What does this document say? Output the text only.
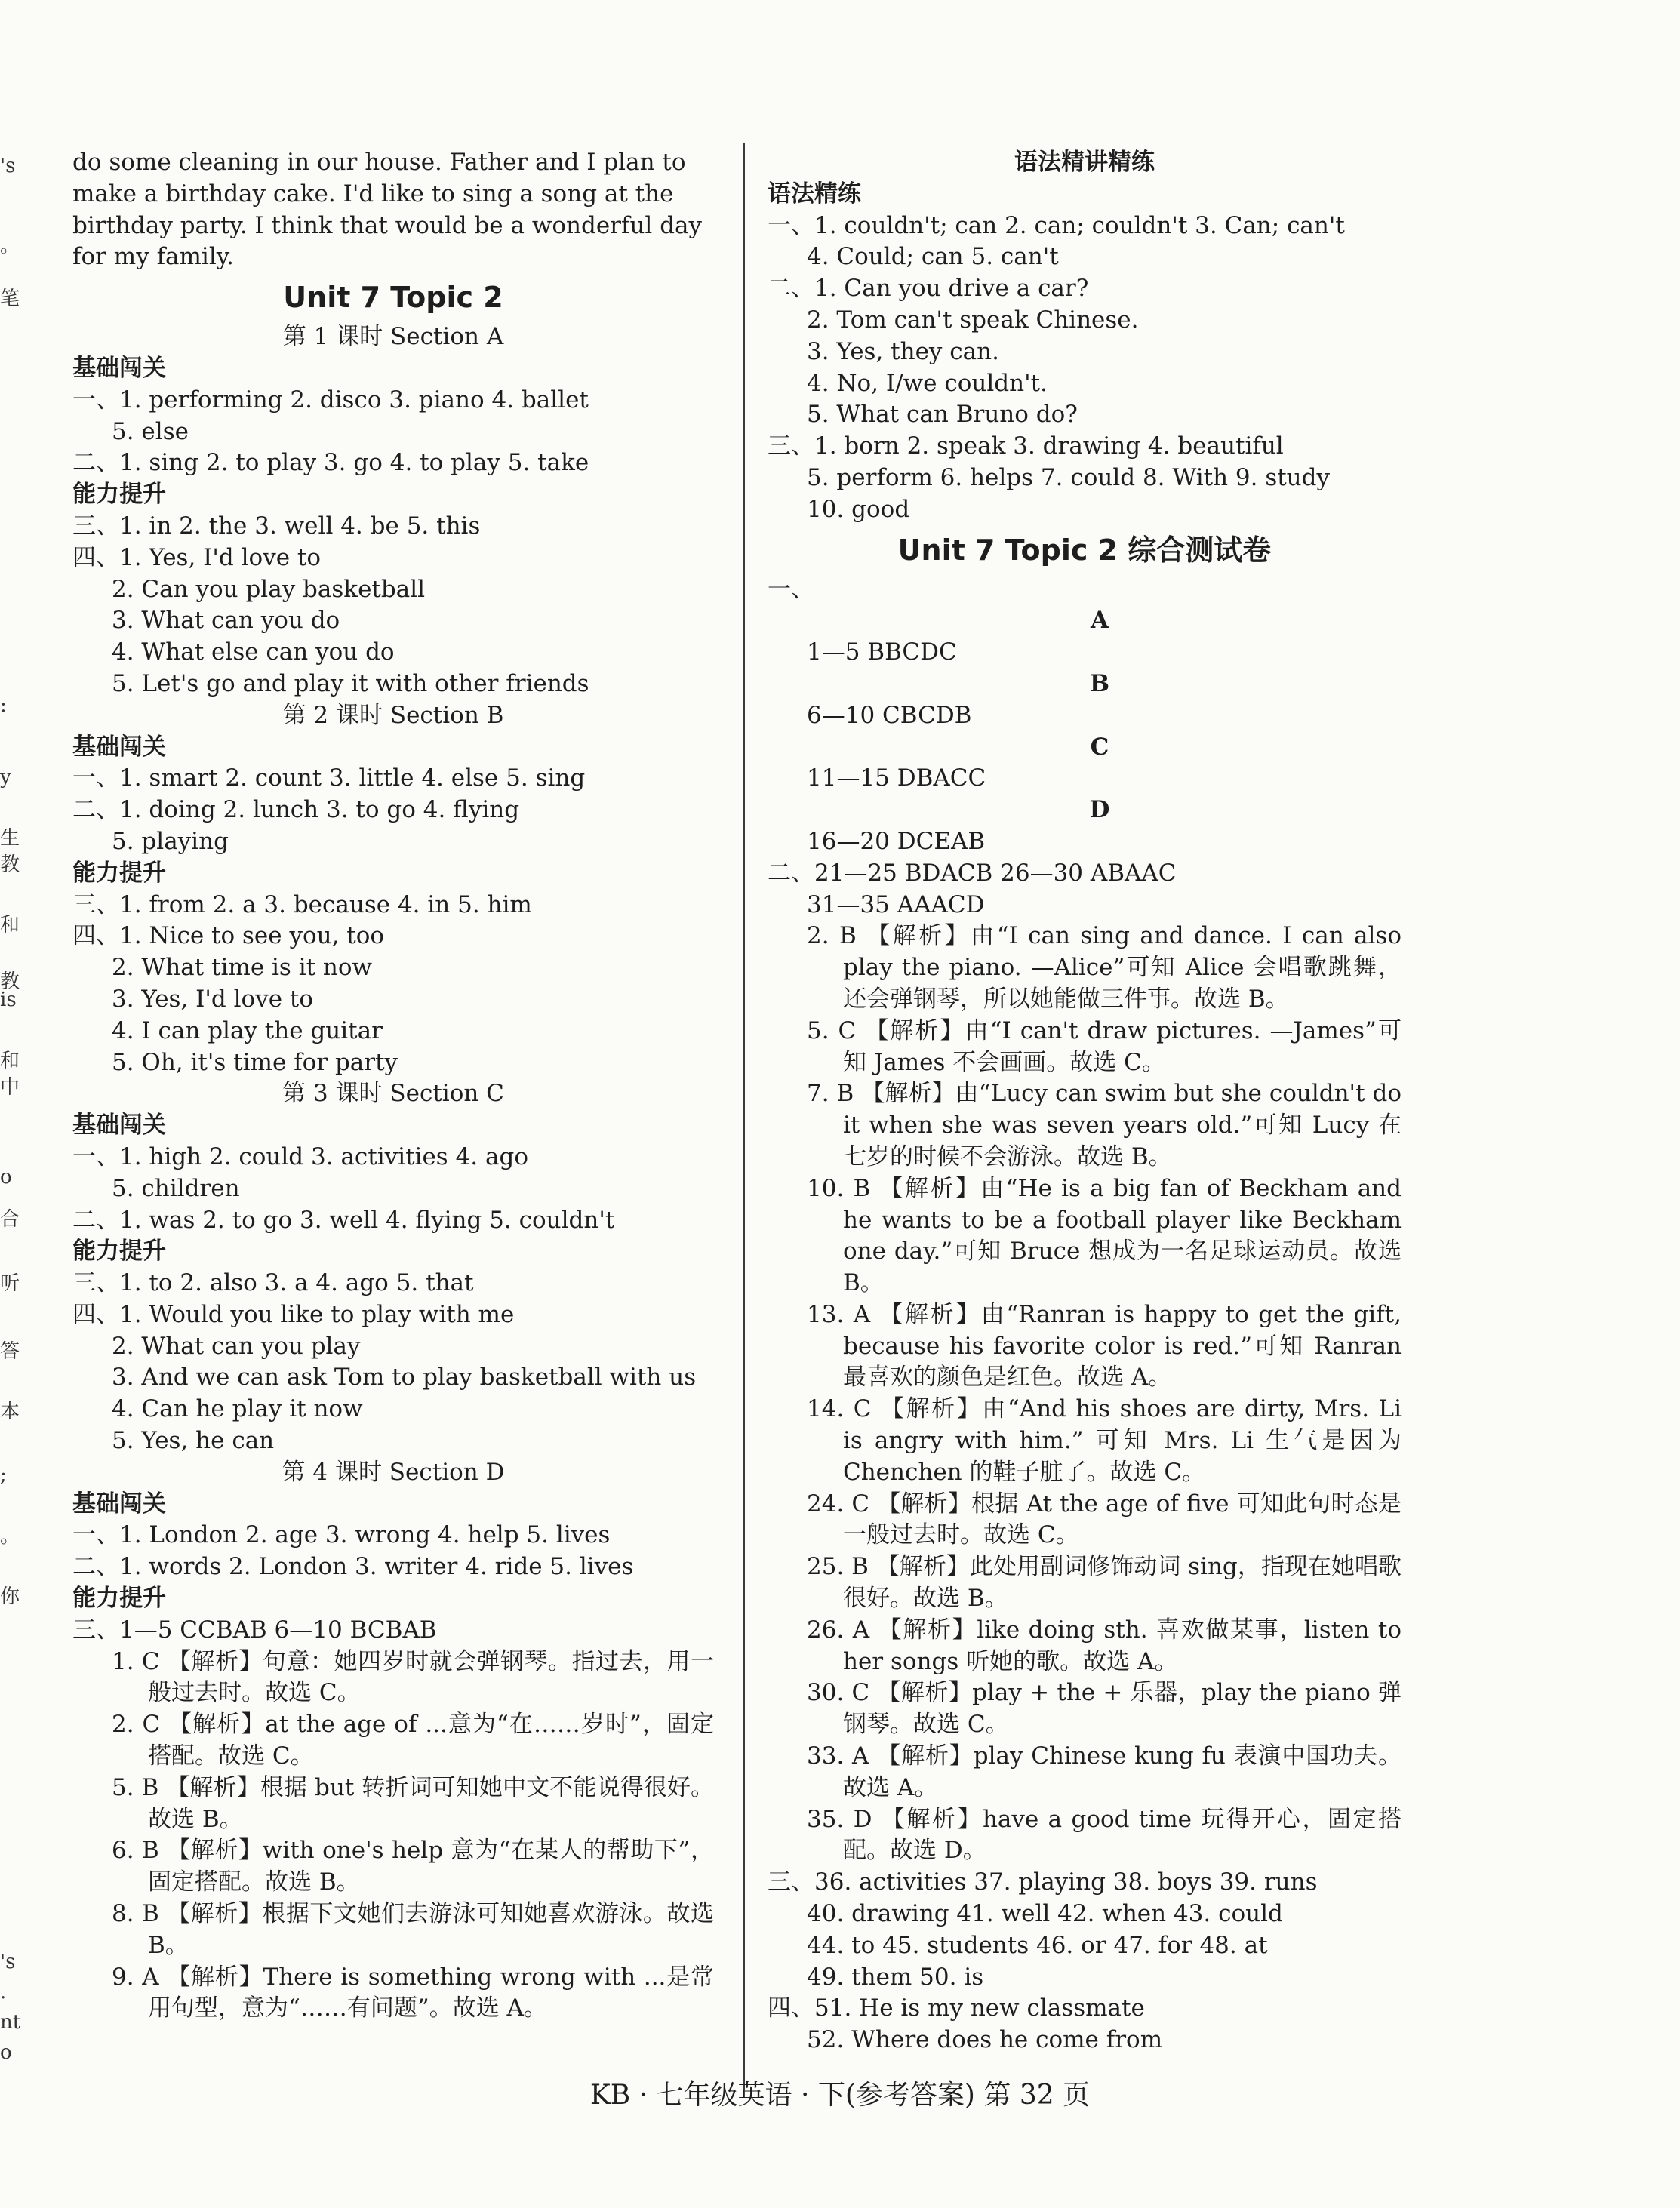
do some cleaning in our house. Father and I plan to
make a birthday cake. I'd like to sing a song at the
birthday party. I think that would be a wonderful day
for my family.
Unit 7 Topic 2
第 1 课时 Section A
基础闯关
一、1. performing 2. disco 3. piano 4. ballet
5. else
二、1. sing 2. to play 3. go 4. to play 5. take
能力提升
三、1. in 2. the 3. well 4. be 5. this
四、1. Yes, I'd love to
2. Can you play basketball
3. What can you do
4. What else can you do
5. Let's go and play it with other friends
第 2 课时 Section B
基础闯关
一、1. smart 2. count 3. little 4. else 5. sing
二、1. doing 2. lunch 3. to go 4. flying
5. playing
能力提升
三、1. from 2. a 3. because 4. in 5. him
四、1. Nice to see you, too
2. What time is it now
3. Yes, I'd love to
4. I can play the guitar
5. Oh, it's time for party
第 3 课时 Section C
基础闯关
一、1. high 2. could 3. activities 4. ago
5. children
二、1. was 2. to go 3. well 4. flying 5. couldn't
能力提升
三、1. to 2. also 3. a 4. ago 5. that
四、1. Would you like to play with me
2. What can you play
3. And we can ask Tom to play basketball with us
4. Can he play it now
5. Yes, he can
第 4 课时 Section D
基础闯关
一、1. London 2. age 3. wrong 4. help 5. lives
二、1. words 2. London 3. writer 4. ride 5. lives
能力提升
三、1—5 CCBAB 6—10 BCBAB
1. C 【解析】句意：她四岁时就会弹钢琴。指过去，用一般过去时。故选 C。
2. C 【解析】at the age of ...意为“在……岁时”，固定搭配。故选 C。
5. B 【解析】根据 but 转折词可知她中文不能说得很好。故选 B。
6. B 【解析】with one's help 意为“在某人的帮助下”，固定搭配。故选 B。
8. B 【解析】根据下文她们去游泳可知她喜欢游泳。故选 B。
9. A 【解析】There is something wrong with ...是常用句型，意为“……有问题”。故选 A。
语法精讲精练
语法精练
一、1. couldn't; can 2. can; couldn't 3. Can; can't
4. Could; can 5. can't
二、1. Can you drive a car?
2. Tom can't speak Chinese.
3. Yes, they can.
4. No, I/we couldn't.
5. What can Bruno do?
三、1. born 2. speak 3. drawing 4. beautiful
5. perform 6. helps 7. could 8. With 9. study
10. good
Unit 7 Topic 2 综合测试卷
一、
A
1—5 BBCDC
B
6—10 CBCDB
C
11—15 DBACC
D
16—20 DCEAB
二、21—25 BDACB 26—30 ABAAC
31—35 AAACD
2. B 【解析】由“I can sing and dance. I can also play the piano. —Alice”可知 Alice 会唱歌跳舞，还会弹钢琴，所以她能做三件事。故选 B。
5. C 【解析】由“I can't draw pictures. —James”可知 James 不会画画。故选 C。
7. B 【解析】由“Lucy can swim but she couldn't do it when she was seven years old.”可知 Lucy 在七岁的时候不会游泳。故选 B。
10. B 【解析】由“He is a big fan of Beckham and he wants to be a football player like Beckham one day.”可知 Bruce 想成为一名足球运动员。故选 B。
13. A 【解析】由“Ranran is happy to get the gift, because his favorite color is red.”可知 Ranran 最喜欢的颜色是红色。故选 A。
14. C 【解析】由“And his shoes are dirty, Mrs. Li is angry with him.” 可知 Mrs. Li 生气是因为 Chenchen 的鞋子脏了。故选 C。
24. C 【解析】根据 At the age of five 可知此句时态是一般过去时。故选 C。
25. B 【解析】此处用副词修饰动词 sing，指现在她唱歌很好。故选 B。
26. A 【解析】like doing sth. 喜欢做某事，listen to her songs 听她的歌。故选 A。
30. C 【解析】play + the + 乐器，play the piano 弹钢琴。故选 C。
33. A 【解析】play Chinese kung fu 表演中国功夫。故选 A。
35. D 【解析】have a good time 玩得开心，固定搭配。故选 D。
三、36. activities 37. playing 38. boys 39. runs
40. drawing 41. well 42. when 43. could
44. to 45. students 46. or 47. for 48. at
49. them 50. is
四、51. He is my new classmate
52. Where does he come from
KB · 七年级英语 · 下(参考答案) 第 32 页
's
。
笔
:
y
生
教
和
教
is
和
中
o
合
听
答
本
;
。
你
's
.
nt
o
